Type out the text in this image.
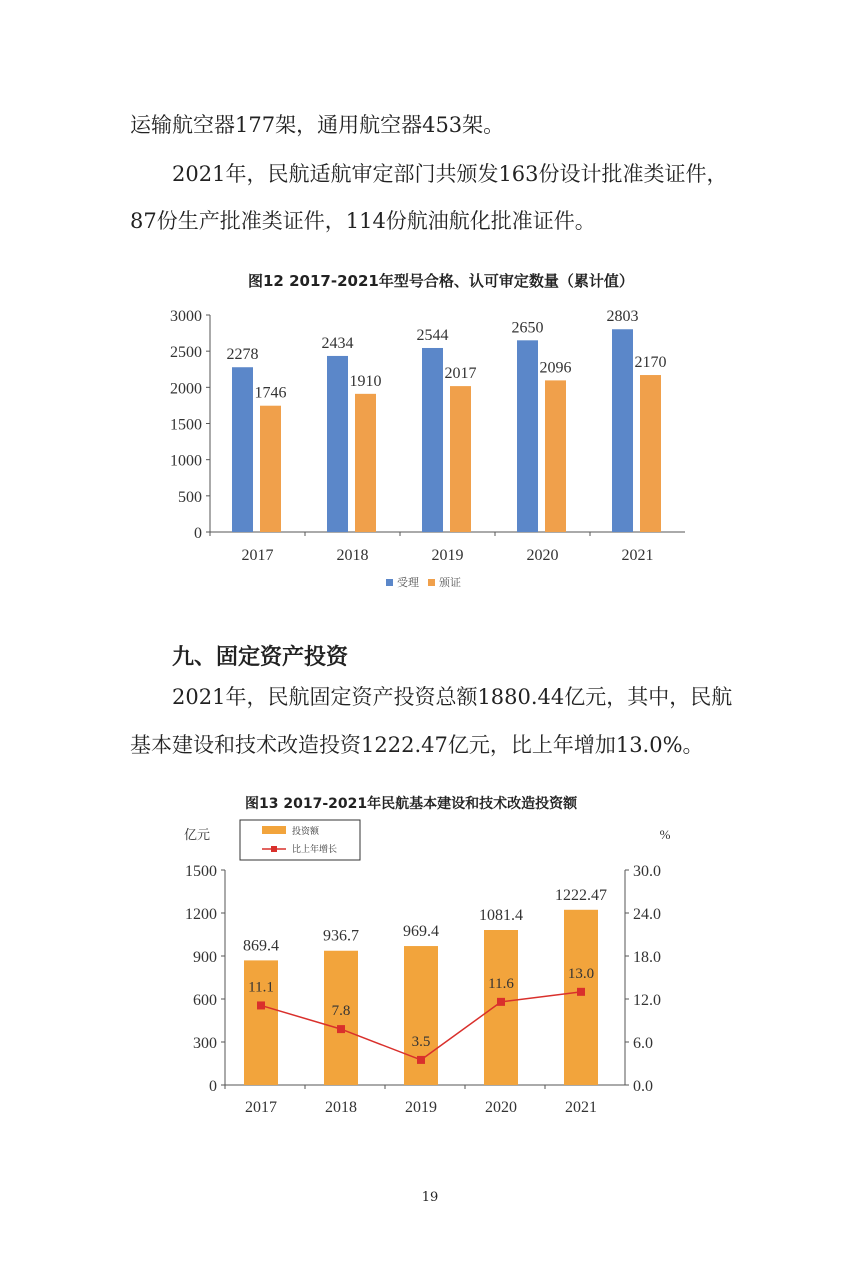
运输航空器177架，通用航空器453架。
2021年，民航适航审定部门共颁发163份设计批准类证件，
87份生产批准类证件，114份航油航化批准证件。
图12 2017-2021年型号合格、认可审定数量（累计值）
0
500
1000
1500
2000
2500
3000
2017
2278
1746
2018
2434
1910
2019
2544
2017
2020
2650
2096
2021
2803
2170
受理 颁证
九、固定资产投资
2021年，民航固定资产投资总额1880.44亿元，其中，民航
基本建设和技术改造投资1222.47亿元，比上年增加13.0%。
图13 2017-2021年民航基本建设和技术改造投资额
亿元	%
0
300
600
900
1200
1500
0.0
6.0
12.0
18.0
24.0
30.0
2017
869.4
2018
936.7
2019
969.4
2020
1081.4
2021
1222.47
11.1
7.8
3.5
11.6
13.0
投资额
比上年增长
19
